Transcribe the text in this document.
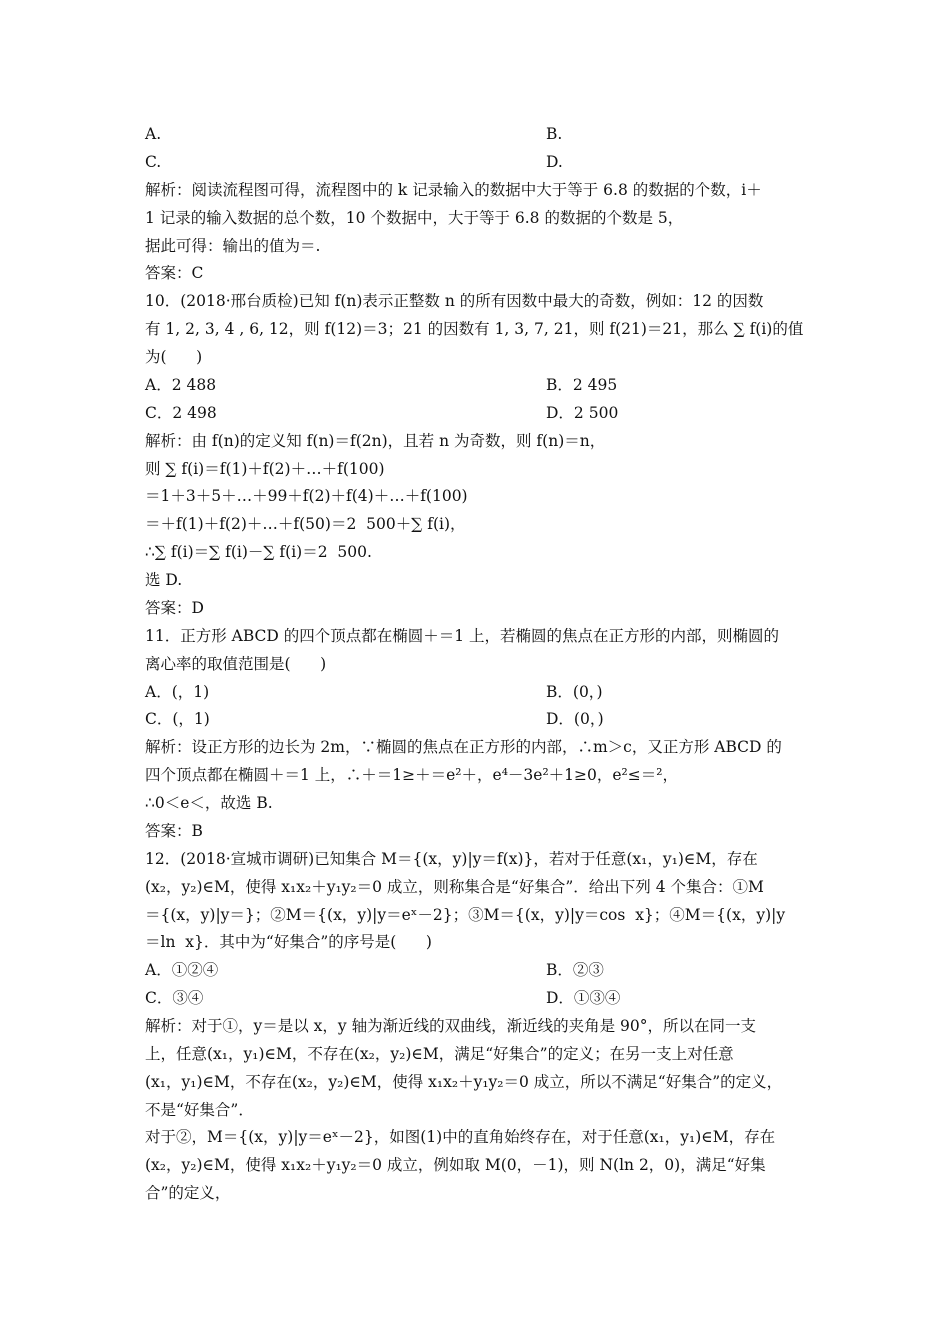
A.	B.
C.	D.
解析：阅读流程图可得，流程图中的 k 记录输入的数据中大于等于 6.8 的数据的个数，i＋
1 记录的输入数据的总个数，10 个数据中，大于等于 6.8 的数据的个数是 5，
据此可得：输出的值为＝.
答案：C
10．(2018·邢台质检)已知 f(n)表示正整数 n 的所有因数中最大的奇数，例如：12 的因数
有 1, 2, 3, 4 , 6, 12，则 f(12)＝3；21 的因数有 1, 3, 7, 21，则 f(21)＝21，那么 ∑ f(i)的值
为(      )
A．2 488	B．2 495
C．2 498	D．2 500
解析：由 f(n)的定义知 f(n)＝f(2n)，且若 n 为奇数，则 f(n)＝n，
则 ∑ f(i)＝f(1)＋f(2)＋…＋f(100)
＝1＋3＋5＋…＋99＋f(2)＋f(4)＋…＋f(100)
＝＋f(1)＋f(2)＋…＋f(50)＝2  500＋∑ f(i)，
∴∑ f(i)＝∑ f(i)－∑ f(i)＝2  500.
选 D.
答案：D
11．正方形 ABCD 的四个顶点都在椭圆＋＝1 上，若椭圆的焦点在正方形的内部，则椭圆的
离心率的取值范围是(      )
A．(，1)	B．(0，)
C．(，1)	D．(0，)
解析：设正方形的边长为 2m，∵椭圆的焦点在正方形的内部，∴m＞c，又正方形 ABCD 的
四个顶点都在椭圆＋＝1 上，∴＋＝1≥＋＝e²＋，e⁴－3e²＋1≥0，e²≤＝²，
∴0＜e＜，故选 B.
答案：B
12．(2018·宣城市调研)已知集合 M＝{(x，y)|y＝f(x)}，若对于任意(x₁，y₁)∈M，存在
(x₂，y₂)∈M，使得 x₁x₂＋y₁y₂＝0 成立，则称集合是“好集合”．给出下列 4 个集合：①M
＝{(x，y)|y＝}；②M＝{(x，y)|y＝eˣ－2}；③M＝{(x，y)|y＝cos  x}；④M＝{(x，y)|y
＝ln  x}．其中为“好集合”的序号是(      )
A．①②④	B．②③
C．③④	D．①③④
解析：对于①，y＝是以 x，y 轴为渐近线的双曲线，渐近线的夹角是 90°，所以在同一支
上，任意(x₁，y₁)∈M，不存在(x₂，y₂)∈M，满足“好集合”的定义；在另一支上对任意
(x₁，y₁)∈M，不存在(x₂，y₂)∈M，使得 x₁x₂＋y₁y₂＝0 成立，所以不满足“好集合”的定义，
不是“好集合”．
对于②，M＝{(x，y)|y＝eˣ－2}，如图(1)中的直角始终存在，对于任意(x₁，y₁)∈M，存在
(x₂，y₂)∈M，使得 x₁x₂＋y₁y₂＝0 成立，例如取 M(0，－1)，则 N(ln 2，0)，满足“好集
合”的定义，
